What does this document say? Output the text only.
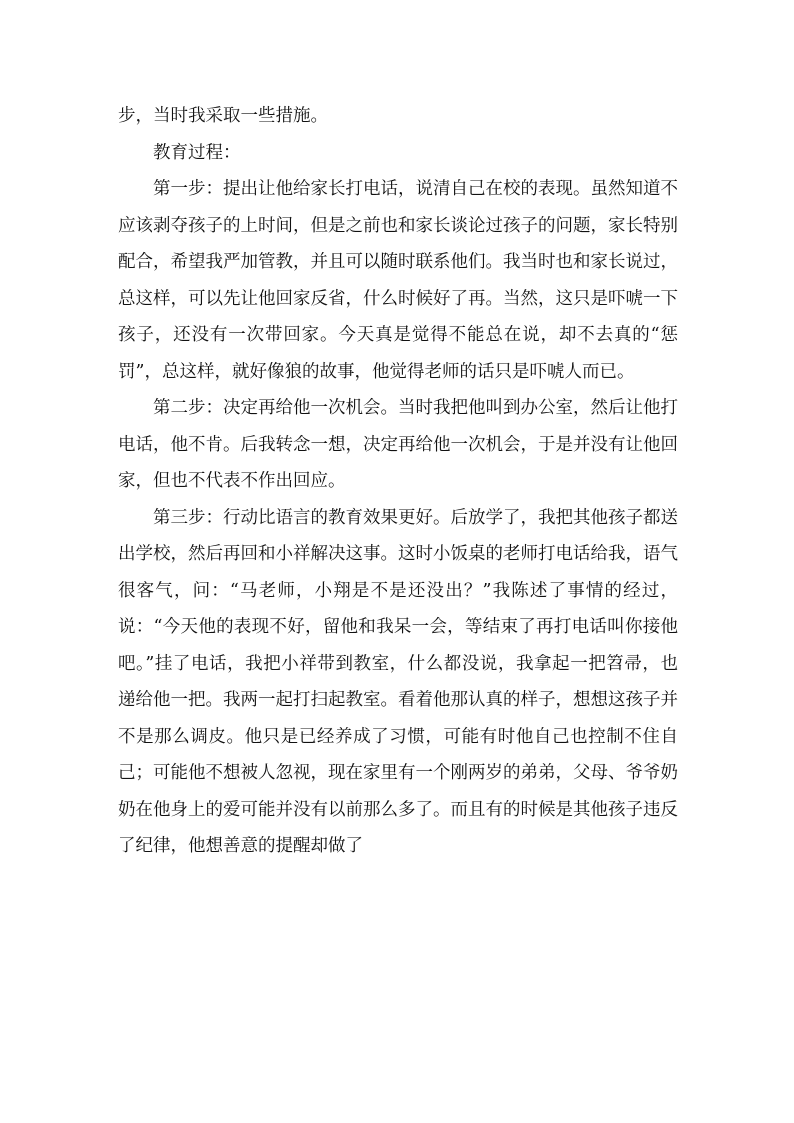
步，当时我采取一些措施。

教育过程：

第一步：提出让他给家长打电话，说清自己在校的表现。虽然知道不应该剥夺孩子的上时间，但是之前也和家长谈论过孩子的问题，家长特别配合，希望我严加管教，并且可以随时联系他们。我当时也和家长说过，总这样，可以先让他回家反省，什么时候好了再。当然，这只是吓唬一下孩子，还没有一次带回家。今天真是觉得不能总在说，却不去真的“惩罚”，总这样，就好像狼的故事，他觉得老师的话只是吓唬人而已。

第二步：决定再给他一次机会。当时我把他叫到办公室，然后让他打电话，他不肯。后我转念一想，决定再给他一次机会，于是并没有让他回家，但也不代表不作出回应。

第三步：行动比语言的教育效果更好。后放学了，我把其他孩子都送出学校，然后再回和小祥解决这事。这时小饭桌的老师打电话给我，语气很客气，问：“马老师，小翔是不是还没出？”我陈述了事情的经过，说：“今天他的表现不好，留他和我呆一会，等结束了再打电话叫你接他吧。”挂了电话，我把小祥带到教室，什么都没说，我拿起一把笤帚，也递给他一把。我两一起打扫起教室。看着他那认真的样子，想想这孩子并不是那么调皮。他只是已经养成了习惯，可能有时他自己也控制不住自己；可能他不想被人忽视，现在家里有一个刚两岁的弟弟，父母、爷爷奶奶在他身上的爱可能并没有以前那么多了。而且有的时候是其他孩子违反了纪律，他想善意的提醒却做了
